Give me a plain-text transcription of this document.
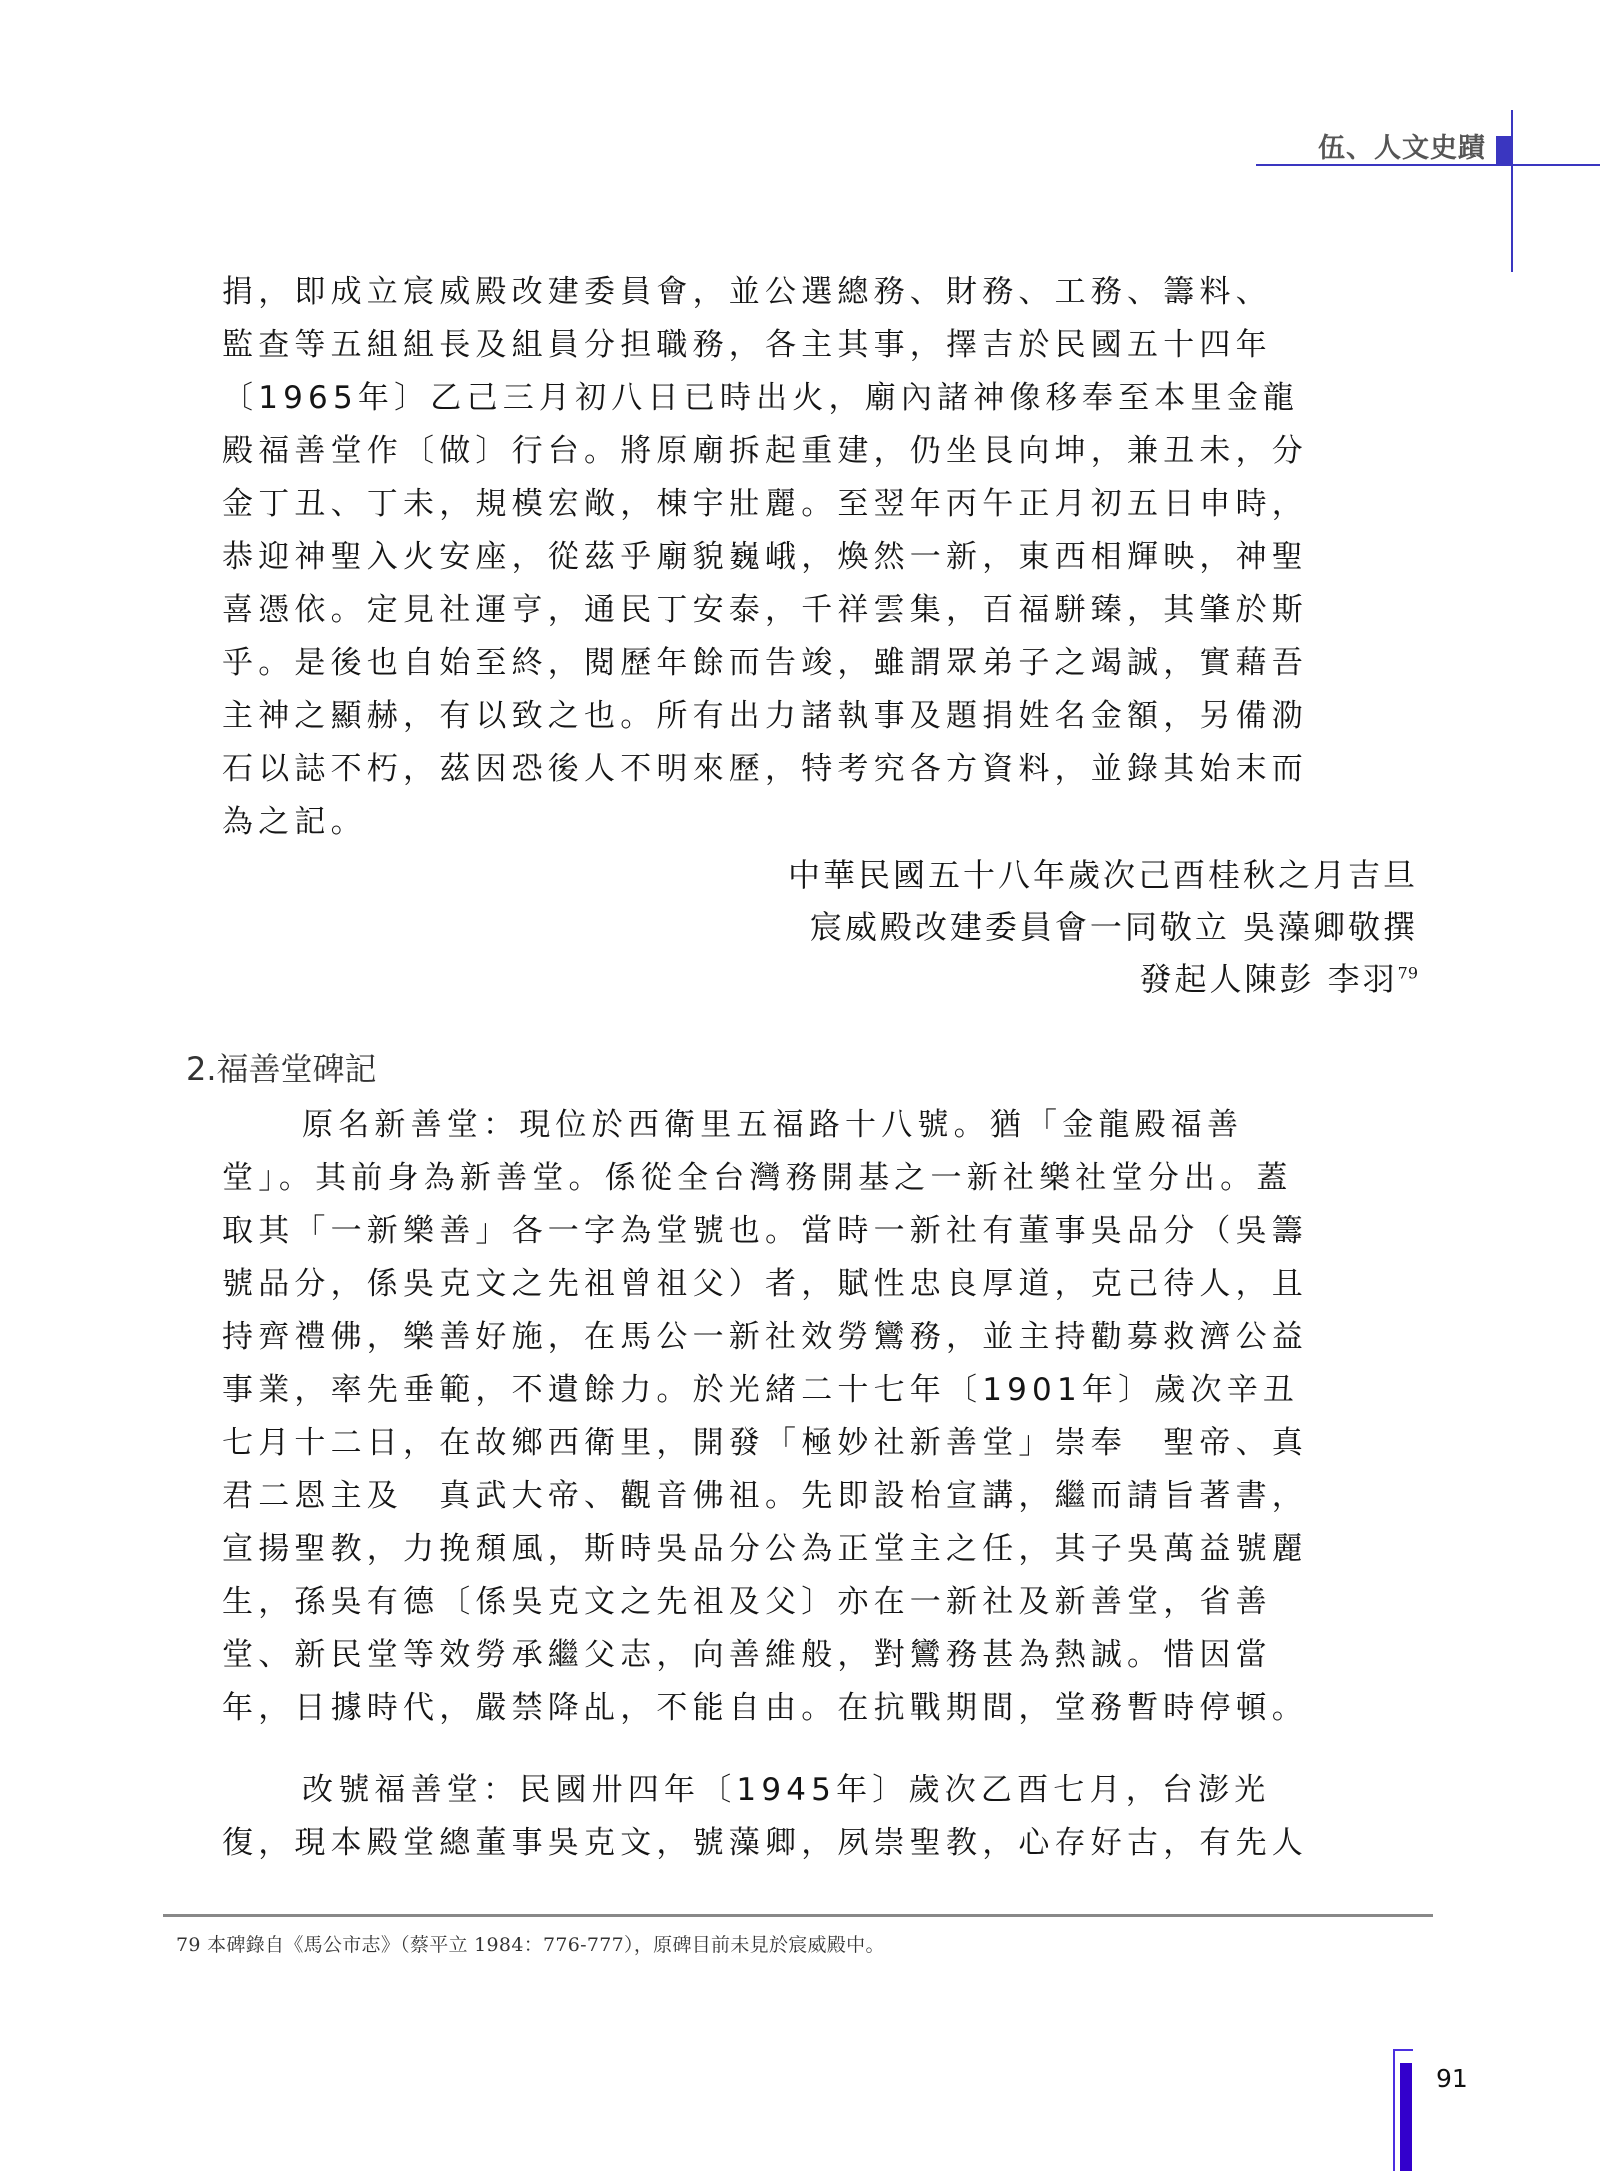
伍、人文史蹟
捐，即成立宸威殿改建委員會，並公選總務、財務、工務、籌料、
監查等五組組長及組員分担職務，各主其事，擇吉於民國五十四年
〔1965年〕乙己三月初八日已時出火，廟內諸神像移奉至本里金龍
殿福善堂作〔做〕行台。將原廟拆起重建，仍坐艮向坤，兼丑未，分
金丁丑、丁未，規模宏敞，棟宇壯麗。至翌年丙午正月初五日申時，
恭迎神聖入火安座，從茲乎廟貌巍峨，煥然一新，東西相輝映，神聖
喜憑依。定見社運亨，通民丁安泰，千祥雲集，百福駢臻，其肇於斯
乎。是後也自始至終，閱歷年餘而告竣，雖謂眾弟子之竭誠，實藉吾
主神之顯赫，有以致之也。所有出力諸執事及題捐姓名金額，另備泐
石以誌不朽，茲因恐後人不明來歷，特考究各方資料，並錄其始末而
為之記。
中華民國五十八年歲次己酉桂秋之月吉旦
宸威殿改建委員會一同敬立 吳藻卿敬撰
發起人陳彭 李羽$^{79}$
2.福善堂碑記
原名新善堂：現位於西衛里五福路十八號。猶「金龍殿福善
堂」。其前身為新善堂。係從全台灣務開基之一新社樂社堂分出。蓋
取其「一新樂善」各一字為堂號也。當時一新社有董事吳品分（吳籌
號品分，係吳克文之先祖曾祖父）者，賦性忠良厚道，克己待人，且
持齊禮佛，樂善好施，在馬公一新社效勞鸞務，並主持勸募救濟公益
事業，率先垂範，不遺餘力。於光緒二十七年〔1901年〕歲次辛丑
七月十二日，在故鄉西衛里，開發「極妙社新善堂」崇奉　聖帝、真
君二恩主及　真武大帝、觀音佛祖。先即設枱宣講，繼而請旨著書，
宣揚聖教，力挽頹風，斯時吳品分公為正堂主之任，其子吳萬益號麗
生，孫吳有德〔係吳克文之先祖及父〕亦在一新社及新善堂，省善
堂、新民堂等效勞承繼父志，向善維般，對鸞務甚為熱誠。惜因當
年，日據時代，嚴禁降乩，不能自由。在抗戰期間，堂務暫時停頓。
改號福善堂：民國卅四年〔1945年〕歲次乙酉七月，台澎光
復，現本殿堂總董事吳克文，號藻卿，夙崇聖教，心存好古，有先人
79 本碑錄自《馬公市志》（蔡平立 1984：776-777），原碑目前未見於宸威殿中。
91
